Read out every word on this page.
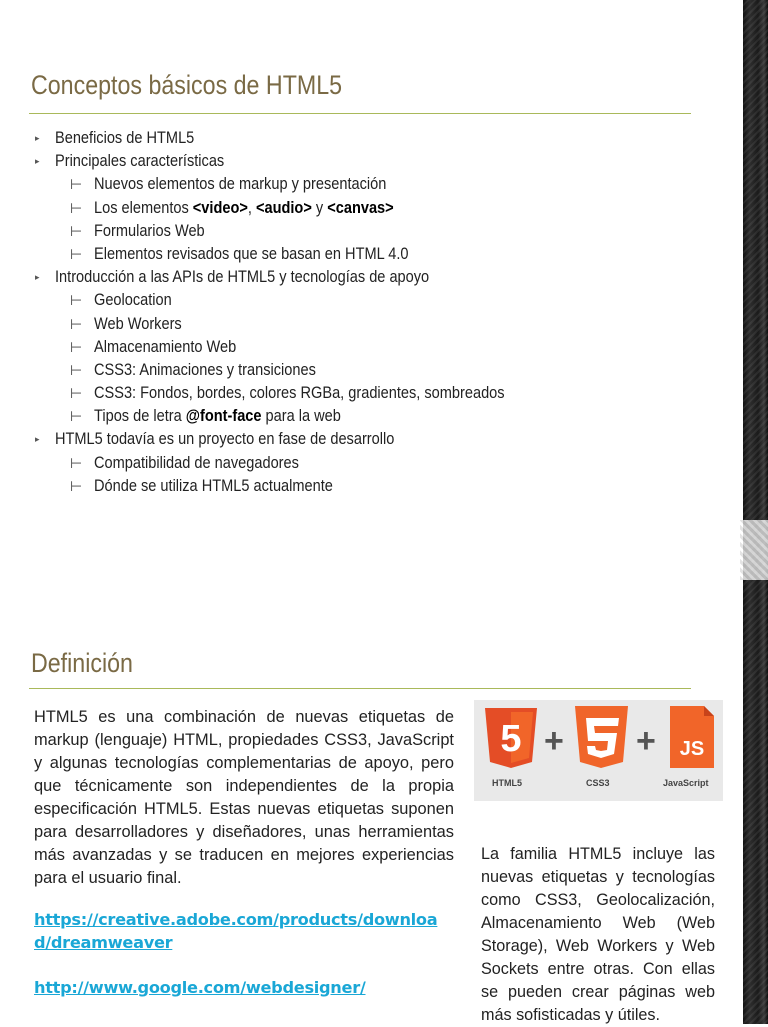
Conceptos básicos de HTML5
▸ Beneficios de HTML5
▸ Principales características
⊢ Nuevos elementos de markup y presentación
⊢ Los elementos <video>, <audio> y <canvas>
⊢ Formularios Web
⊢ Elementos revisados que se basan en HTML 4.0
▸ Introducción a las APIs de HTML5 y tecnologías de apoyo
⊢ Geolocation
⊢ Web Workers
⊢ Almacenamiento Web
⊢ CSS3: Animaciones y transiciones
⊢ CSS3: Fondos, bordes, colores RGBa, gradientes, sombreados
⊢ Tipos de letra @font-face para la web
▸ HTML5 todavía es un proyecto en fase de desarrollo
⊢ Compatibilidad de navegadores
⊢ Dónde se utiliza HTML5 actualmente
Definición
HTML5 es una combinación de nuevas etiquetas de markup (lenguaje) HTML, propiedades CSS3, JavaScript y algunas tecnologías complementarias de apoyo, pero que técnicamente son independientes de la propia especificación HTML5. Estas nuevas etiquetas suponen para desarrolladores y diseñadores, unas herramientas más avanzadas y se traducen en mejores experiencias para el usuario final.
https://creative.adobe.com/products/download/dreamweaver
http://www.google.com/webdesigner/
5	JS
+ +
HTML5	CSS3	JavaScript
La familia HTML5 incluye las nuevas etiquetas y tecnologías como CSS3, Geolocalización, Almacenamiento Web (Web Storage), Web Workers y Web Sockets entre otras. Con ellas se pueden crear páginas web más sofisticadas y útiles.
